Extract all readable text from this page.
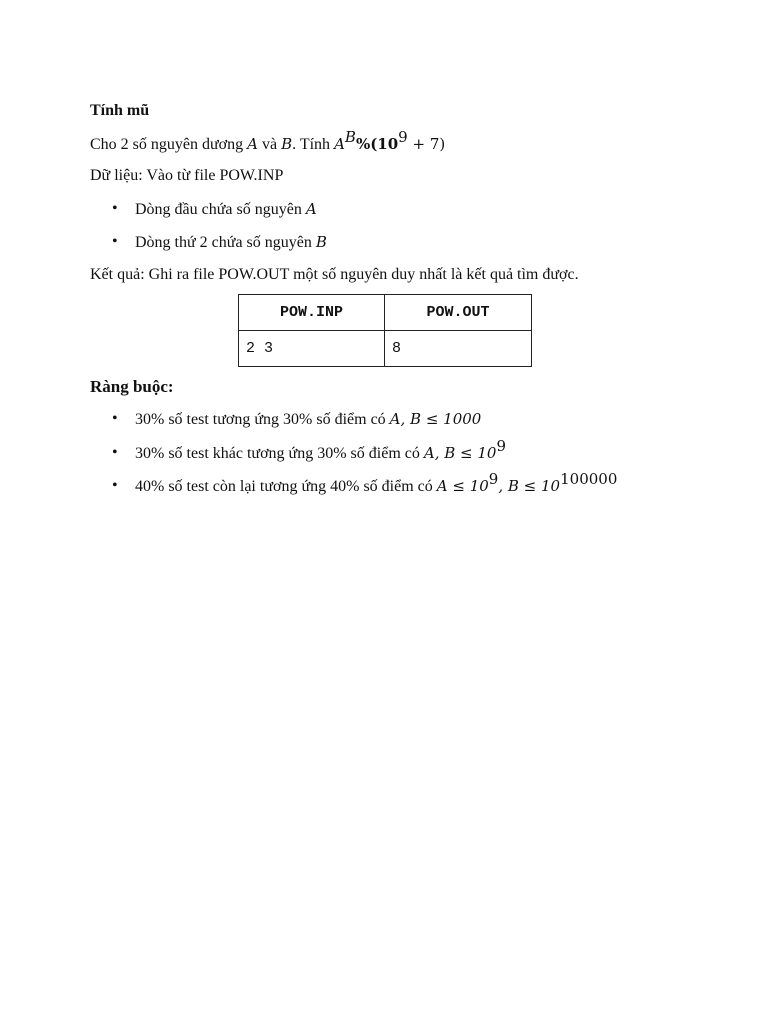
Tính mũ
Cho 2 số nguyên dương A và B. Tính $A^B\%(10^9 + 7)$
Dữ liệu: Vào từ file POW.INP
• Dòng đầu chứa số nguyên A
• Dòng thứ 2 chứa số nguyên B
Kết quả: Ghi ra file POW.OUT một số nguyên duy nhất là kết quả tìm được.
POW.INP	POW.OUT
2 3	8
Ràng buộc:
• 30% số test tương ứng 30% số điểm có A, B ≤ 1000
• 30% số test khác tương ứng 30% số điểm có A, $B \le 10^9$
• 40% số test còn lại tương ứng 40% số điểm có $A \le 10^9$, $B \le 10^{100000}$
